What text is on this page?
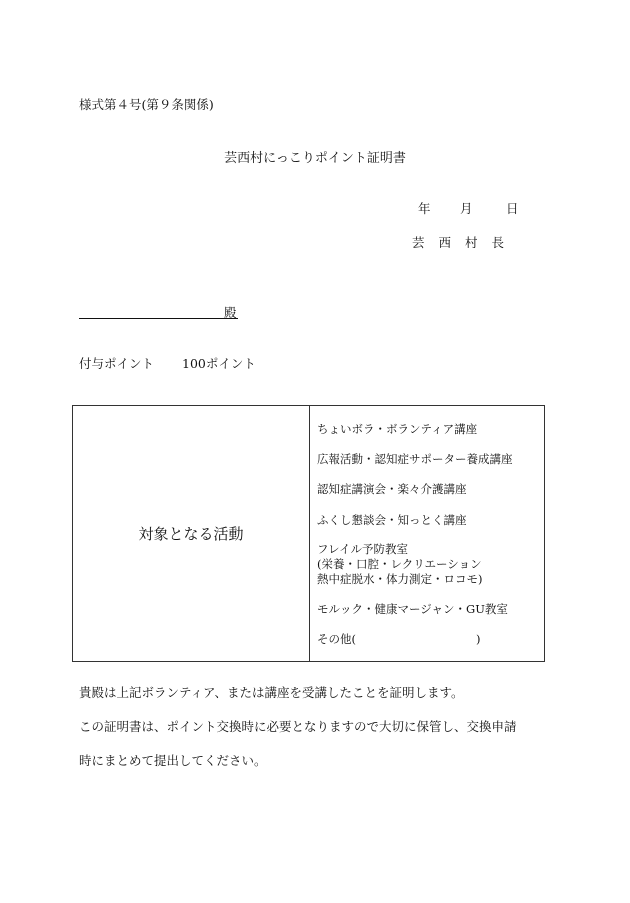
様式第４号(第９条関係)
芸西村にっこりポイント証明書
年 月	日
芸 西 村 長
殿
付与ポイント 100ポイント
対象となる活動
ちょいボラ・ボランティア講座
広報活動・認知症サポーター養成講座
認知症講演会・楽々介護講座
ふくし懇談会・知っとく講座
フレイル予防教室
(栄養・口腔・レクリエーション
熱中症脱水・体力測定・ロコモ)
モルック・健康マージャン・GU教室
その他(	)
貴殿は上記ボランティア、または講座を受講したことを証明します。
この証明書は、ポイント交換時に必要となりますので大切に保管し、交換申請
時にまとめて提出してください。
